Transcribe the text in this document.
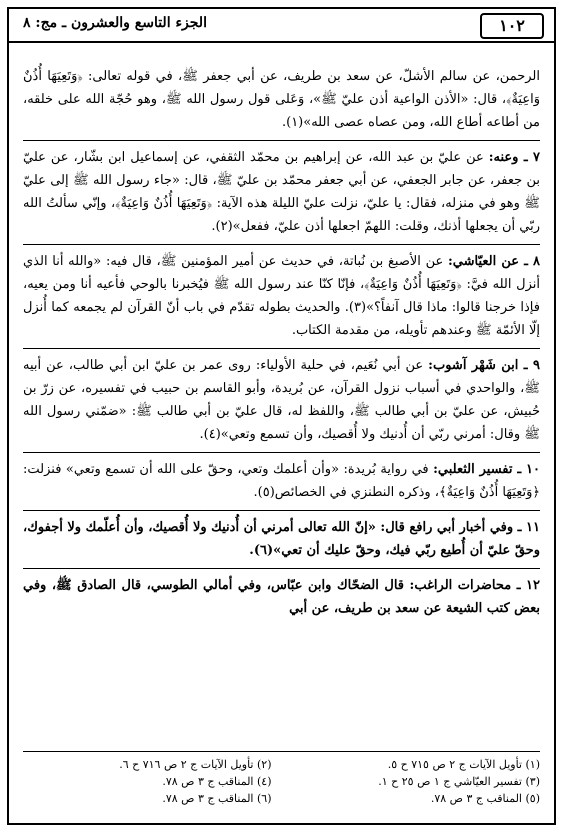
١٠٢
الجزء التاسع والعشرون ـ مج: ٨
الرحمن، عن سالم الأشلّ، عن سعد بن طريف، عن أبي جعفر ﷺ، في قوله تعالى: ﴿وَتَعِيَهَا أُذُنٌ وَاعِيَةٌ﴾، قال: «الأذن الواعية أذن عليّ ﷺ»، وَعَلى قول رسول الله ﷺ، وهو حُجّة الله على خلقه، من أطاعه أطاع الله، ومن عصاه عصى الله»(١).
٧ ـ وعنه: عن عليّ بن عبد الله، عن إبراهيم بن محمّد الثقفي، عن إسماعيل ابن بشّار، عن عليّ بن جعفر، عن جابر الجعفي، عن أبي جعفر محمّد بن عليّ ﷺ، قال: «جاء رسول الله ﷺ إلى عليّ ﷺ وهو في منزله، فقال: يا عليّ، نزلت عليّ الليلة هذه الآية: ﴿وَتَعِيَهَا أُذُنٌ وَاعِيَةٌ﴾، وإنّي سألتُ الله ربّي أن يجعلها أذنك، وقلت: اللهمّ اجعلها أذن عليّ، ففعل»(٢).
٨ ـ عن العيّاشي: عن الأصبغ بن نُباتة، في حديث عن أمير المؤمنين ﷺ، قال فيه: «والله أنا الذي أنزل الله فيَّ: ﴿وَتَعِيَهَا أُذُنٌ وَاعِيَةٌ﴾، فإنّا كنّا عند رسول الله ﷺ فيُخبرنا بالوحي فأعيه أنا ومن يعيه، فإذا خرجنا قالوا: ماذا قال آنفاً؟»(٣). والحديث بطوله تقدّم في باب أنّ القرآن لم يجمعه كما أُنزل إلّا الأئمّة ﷺ وعندهم تأويله، من مقدمة الكتاب.
٩ ـ ابن شَهْر آشوب: عن أبي نُعَيم، في حلية الأولياء: روى عمر بن عليّ ابن أبي طالب، عن أبيه ﷺ، والواحدي في أسباب نزول القرآن، عن بُريدة، وأبو القاسم بن حبيب في تفسيره، عن زرّ بن حُبيش، عن عليّ بن أبي طالب ﷺ، واللفظ له، قال عليّ بن أبي طالب ﷺ: «ضمّني رسول الله ﷺ وقال: أمرني ربّي أن أُدنيك ولا أُقصيك، وأن تسمع وتعي»(٤).
١٠ ـ تفسير الثعلبي: في رواية بُريدة: «وأن أعلمك وتعي، وحقّ على الله أن تسمع وتعي» فنزلت: ﴿وَتَعِيَهَا أُذُنٌ وَاعِيَةٌ﴾، وذكره النطنزي في الخصائص(٥).
١١ ـ وفي أخبار أبي رافع قال: «إنّ الله تعالى أمرني أن أُدنيك ولا أُقصيك، وأن أُعلّمك ولا أجفوك، وحقّ عليّ أن أُطيع ربّي فيك، وحقّ عليك أن تعي»(٦).
١٢ ـ محاضرات الراغب: قال الضحّاك وابن عبّاس، وفي أمالي الطوسي، قال الصادق ﷺ، وفي بعض كتب الشيعة عن سعد بن طريف، عن أبي
(١) تأويل الآيات ج ٢ ص ٧١٥ ح ٥.
(٢) تأويل الآيات ج ٢ ص ٧١٦ ح ٦.
(٣) تفسير العيّاشي ج ١ ص ٢٥ ح ١.
(٤) المناقب ج ٣ ص ٧٨.
(٥) المناقب ج ٣ ص ٧٨.
(٦) المناقب ج ٣ ص ٧٨.
